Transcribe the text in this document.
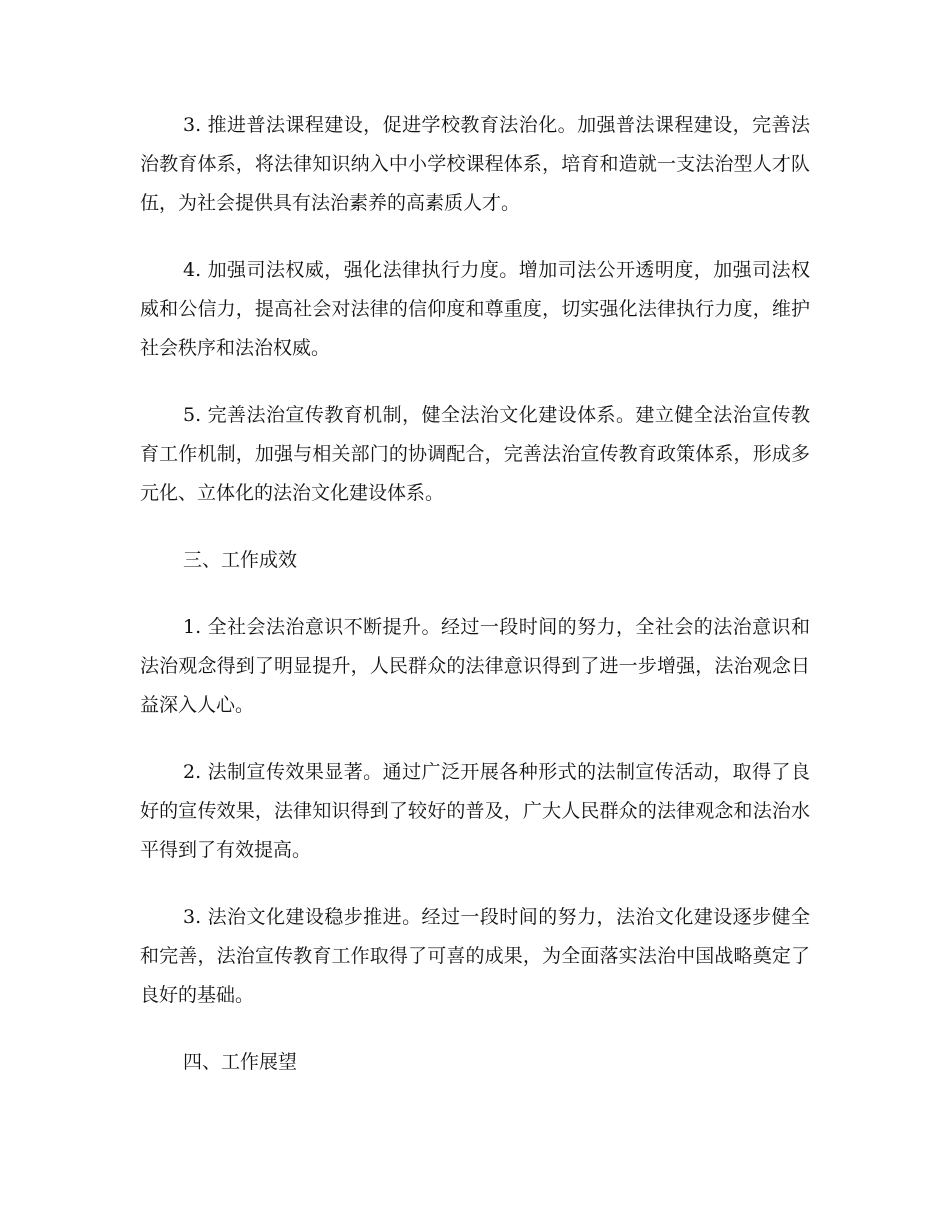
3. 推进普法课程建设，促进学校教育法治化。加强普法课程建设，完善法治教育体系，将法律知识纳入中小学校课程体系，培育和造就一支法治型人才队伍，为社会提供具有法治素养的高素质人才。

4. 加强司法权威，强化法律执行力度。增加司法公开透明度，加强司法权威和公信力，提高社会对法律的信仰度和尊重度，切实强化法律执行力度，维护社会秩序和法治权威。

5. 完善法治宣传教育机制，健全法治文化建设体系。建立健全法治宣传教育工作机制，加强与相关部门的协调配合，完善法治宣传教育政策体系，形成多元化、立体化的法治文化建设体系。

三、工作成效

1. 全社会法治意识不断提升。经过一段时间的努力，全社会的法治意识和法治观念得到了明显提升，人民群众的法律意识得到了进一步增强，法治观念日益深入人心。

2. 法制宣传效果显著。通过广泛开展各种形式的法制宣传活动，取得了良好的宣传效果，法律知识得到了较好的普及，广大人民群众的法律观念和法治水平得到了有效提高。

3. 法治文化建设稳步推进。经过一段时间的努力，法治文化建设逐步健全和完善，法治宣传教育工作取得了可喜的成果，为全面落实法治中国战略奠定了良好的基础。

四、工作展望
